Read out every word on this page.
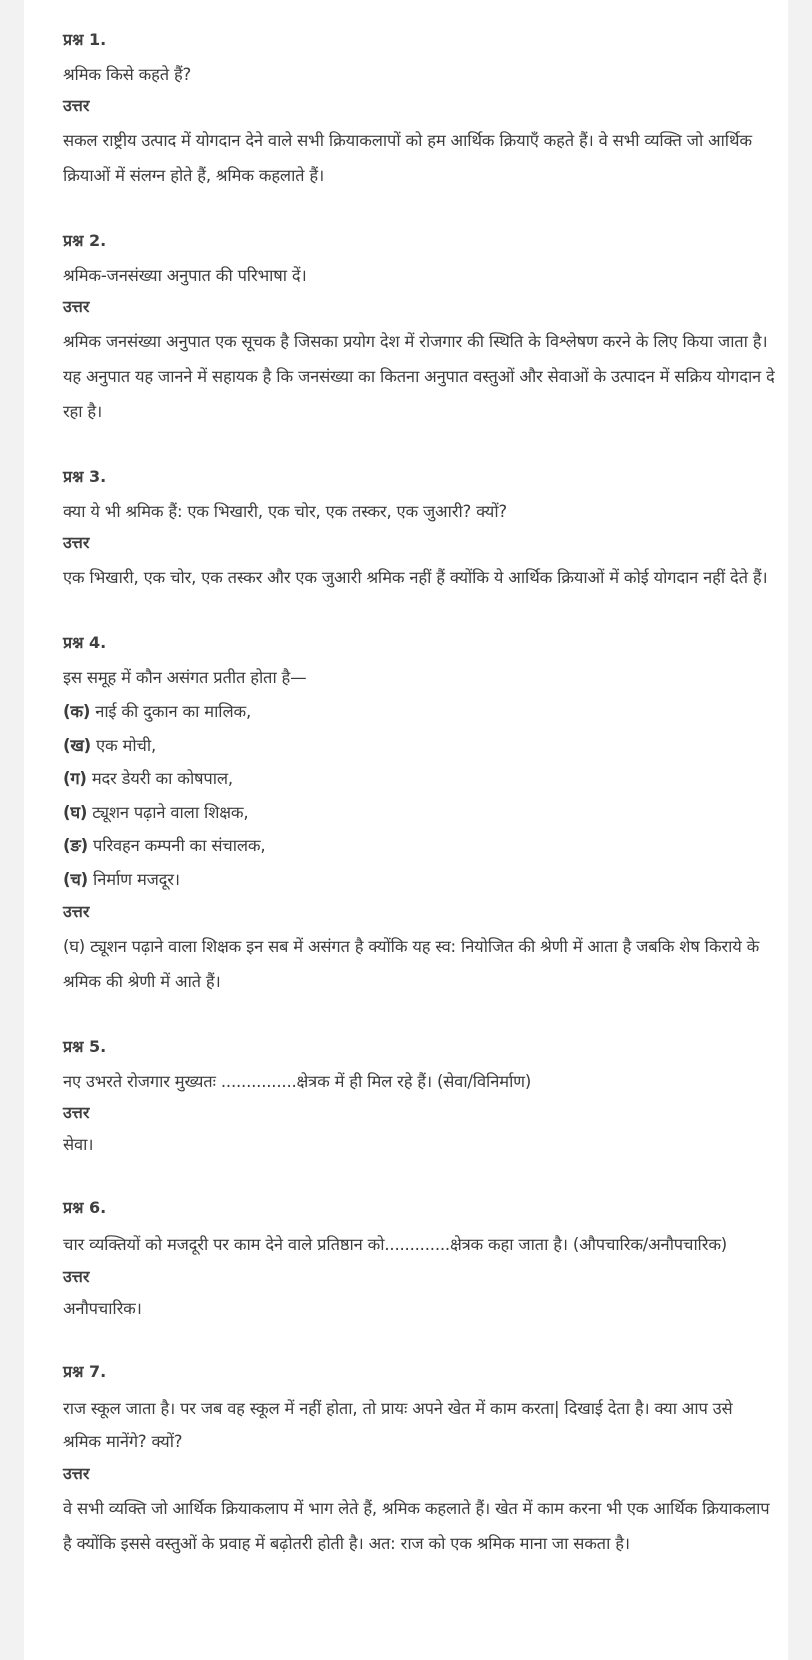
प्रश्न 1.
श्रमिक किसे कहते हैं?
उत्तर
सकल राष्ट्रीय उत्पाद में योगदान देने वाले सभी क्रियाकलापों को हम आर्थिक क्रियाएँ कहते हैं। वे सभी व्यक्ति जो आर्थिक क्रियाओं में संलग्न होते हैं, श्रमिक कहलाते हैं।
प्रश्न 2.
श्रमिक-जनसंख्या अनुपात की परिभाषा दें।
उत्तर
श्रमिक जनसंख्या अनुपात एक सूचक है जिसका प्रयोग देश में रोजगार की स्थिति के विश्लेषण करने के लिए किया जाता है। यह अनुपात यह जानने में सहायक है कि जनसंख्या का कितना अनुपात वस्तुओं और सेवाओं के उत्पादन में सक्रिय योगदान दे रहा है।
प्रश्न 3.
क्या ये भी श्रमिक हैं: एक भिखारी, एक चोर, एक तस्कर, एक जुआरी? क्यों?
उत्तर
एक भिखारी, एक चोर, एक तस्कर और एक जुआरी श्रमिक नहीं हैं क्योंकि ये आर्थिक क्रियाओं में कोई योगदान नहीं देते हैं।
प्रश्न 4.
इस समूह में कौन असंगत प्रतीत होता है—
(क) नाई की दुकान का मालिक,
(ख) एक मोची,
(ग) मदर डेयरी का कोषपाल,
(घ) ट्यूशन पढ़ाने वाला शिक्षक,
(ङ) परिवहन कम्पनी का संचालक,
(च) निर्माण मजदूर।
उत्तर
(घ) ट्यूशन पढ़ाने वाला शिक्षक इन सब में असंगत है क्योंकि यह स्व: नियोजित की श्रेणी में आता है जबकि शेष किराये के श्रमिक की श्रेणी में आते हैं।
प्रश्न 5.
नए उभरते रोजगार मुख्यतः ...............क्षेत्रक में ही मिल रहे हैं। (सेवा/विनिर्माण)
उत्तर
सेवा।
प्रश्न 6.
चार व्यक्तियों को मजदूरी पर काम देने वाले प्रतिष्ठान को.............क्षेत्रक कहा जाता है। (औपचारिक/अनौपचारिक)
उत्तर
अनौपचारिक।
प्रश्न 7.
राज स्कूल जाता है। पर जब वह स्कूल में नहीं होता, तो प्रायः अपने खेत में काम करता| दिखाई देता है। क्या आप उसे श्रमिक मानेंगे? क्यों?
उत्तर
वे सभी व्यक्ति जो आर्थिक क्रियाकलाप में भाग लेते हैं, श्रमिक कहलाते हैं। खेत में काम करना भी एक आर्थिक क्रियाकलाप है क्योंकि इससे वस्तुओं के प्रवाह में बढ़ोतरी होती है। अत: राज को एक श्रमिक माना जा सकता है।
